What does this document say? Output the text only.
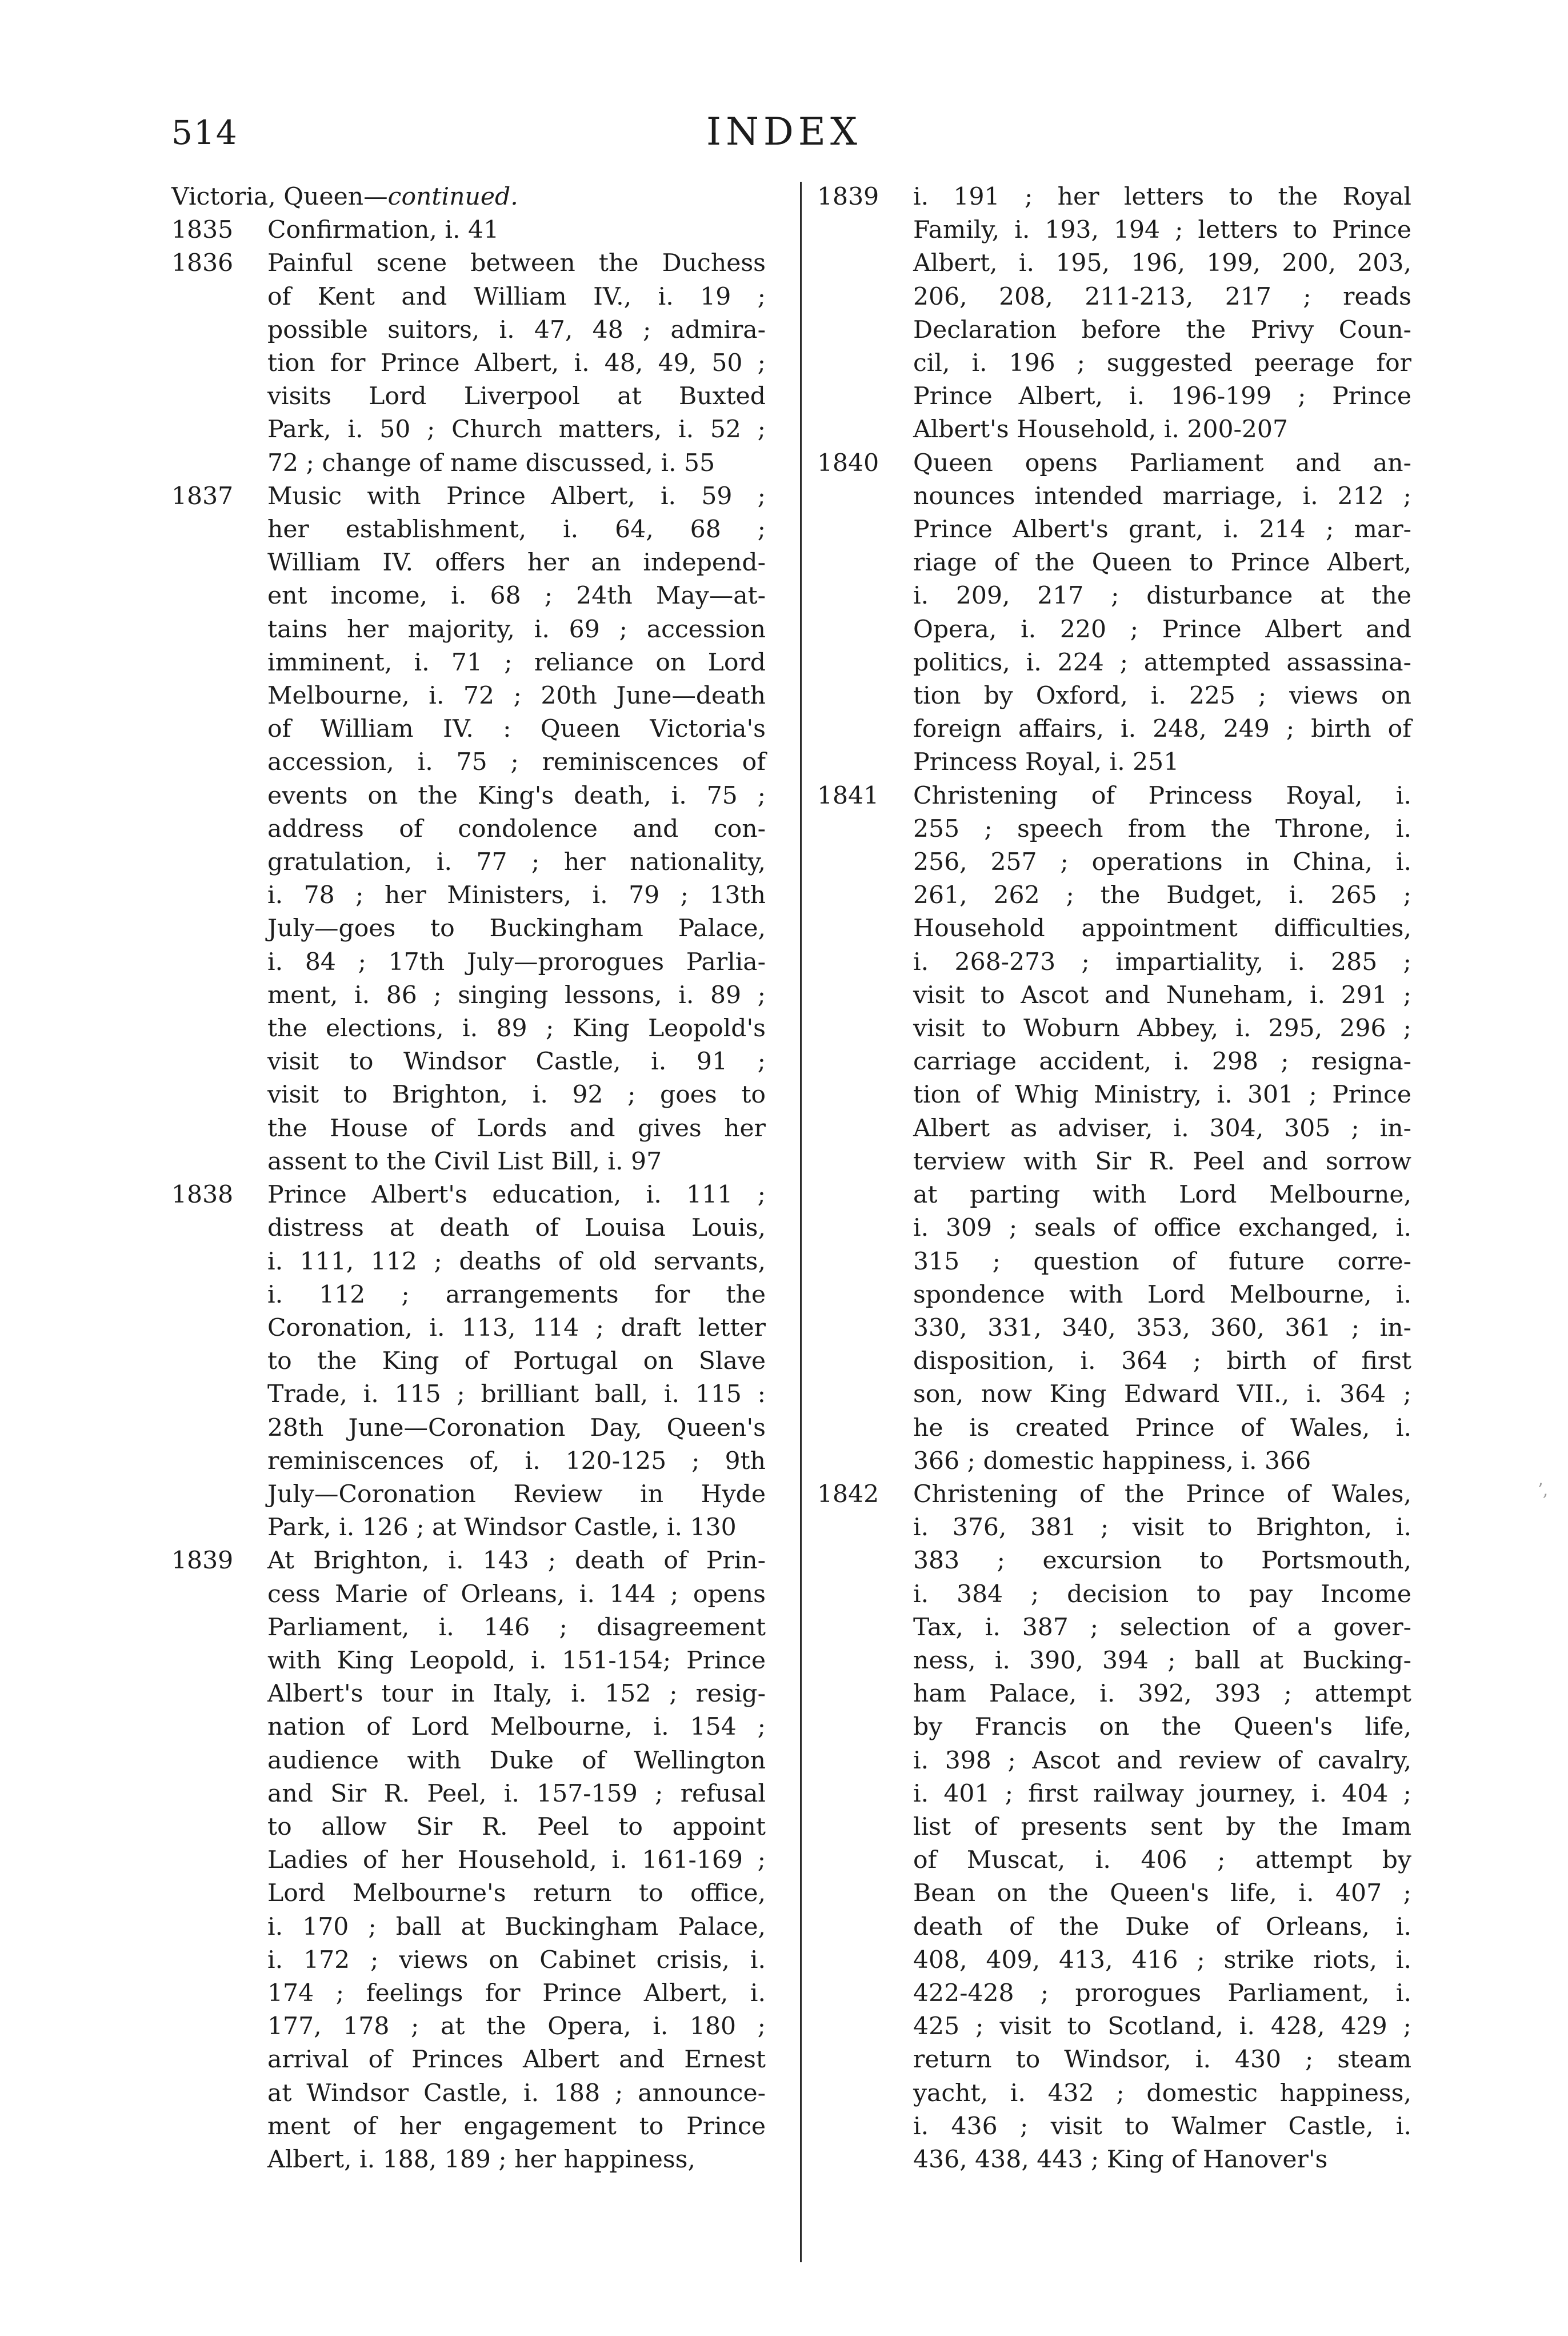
514	INDEX
Victoria, Queen—continued.
1835	Confirmation, i. 41
1836	Painful scene between the Duchess
of Kent and William IV., i. 19 ;
possible suitors, i. 47, 48 ; admira-
tion for Prince Albert, i. 48, 49, 50 ;
visits Lord Liverpool at Buxted
Park, i. 50 ; Church matters, i. 52 ;
72 ; change of name discussed, i. 55
1837	Music with Prince Albert, i. 59 ;
her establishment, i. 64, 68 ;
William IV. offers her an independ-
ent income, i. 68 ; 24th May—at-
tains her majority, i. 69 ; accession
imminent, i. 71 ; reliance on Lord
Melbourne, i. 72 ; 20th June—death
of William IV. : Queen Victoria's
accession, i. 75 ; reminiscences of
events on the King's death, i. 75 ;
address of condolence and con-
gratulation, i. 77 ; her nationality,
i. 78 ; her Ministers, i. 79 ; 13th
July—goes to Buckingham Palace,
i. 84 ; 17th July—prorogues Parlia-
ment, i. 86 ; singing lessons, i. 89 ;
the elections, i. 89 ; King Leopold's
visit to Windsor Castle, i. 91 ;
visit to Brighton, i. 92 ; goes to
the House of Lords and gives her
assent to the Civil List Bill, i. 97
1838	Prince Albert's education, i. 111 ;
distress at death of Louisa Louis,
i. 111, 112 ; deaths of old servants,
i. 112 ; arrangements for the
Coronation, i. 113, 114 ; draft letter
to the King of Portugal on Slave
Trade, i. 115 ; brilliant ball, i. 115 :
28th June—Coronation Day, Queen's
reminiscences of, i. 120-125 ; 9th
July—Coronation Review in Hyde
Park, i. 126 ; at Windsor Castle, i. 130
1839	At Brighton, i. 143 ; death of Prin-
cess Marie of Orleans, i. 144 ; opens
Parliament, i. 146 ; disagreement
with King Leopold, i. 151-154; Prince
Albert's tour in Italy, i. 152 ; resig-
nation of Lord Melbourne, i. 154 ;
audience with Duke of Wellington
and Sir R. Peel, i. 157-159 ; refusal
to allow Sir R. Peel to appoint
Ladies of her Household, i. 161-169 ;
Lord Melbourne's return to office,
i. 170 ; ball at Buckingham Palace,
i. 172 ; views on Cabinet crisis, i.
174 ; feelings for Prince Albert, i.
177, 178 ; at the Opera, i. 180 ;
arrival of Princes Albert and Ernest
at Windsor Castle, i. 188 ; announce-
ment of her engagement to Prince
Albert, i. 188, 189 ; her happiness,
1839	i. 191 ; her letters to the Royal
Family, i. 193, 194 ; letters to Prince
Albert, i. 195, 196, 199, 200, 203,
206, 208, 211-213, 217 ; reads
Declaration before the Privy Coun-
cil, i. 196 ; suggested peerage for
Prince Albert, i. 196-199 ; Prince
Albert's Household, i. 200-207
1840	Queen opens Parliament and an-
nounces intended marriage, i. 212 ;
Prince Albert's grant, i. 214 ; mar-
riage of the Queen to Prince Albert,
i. 209, 217 ; disturbance at the
Opera, i. 220 ; Prince Albert and
politics, i. 224 ; attempted assassina-
tion by Oxford, i. 225 ; views on
foreign affairs, i. 248, 249 ; birth of
Princess Royal, i. 251
1841	Christening of Princess Royal, i.
255 ; speech from the Throne, i.
256, 257 ; operations in China, i.
261, 262 ; the Budget, i. 265 ;
Household appointment difficulties,
i. 268-273 ; impartiality, i. 285 ;
visit to Ascot and Nuneham, i. 291 ;
visit to Woburn Abbey, i. 295, 296 ;
carriage accident, i. 298 ; resigna-
tion of Whig Ministry, i. 301 ; Prince
Albert as adviser, i. 304, 305 ; in-
terview with Sir R. Peel and sorrow
at parting with Lord Melbourne,
i. 309 ; seals of office exchanged, i.
315 ; question of future corre-
spondence with Lord Melbourne, i.
330, 331, 340, 353, 360, 361 ; in-
disposition, i. 364 ; birth of first
son, now King Edward VII., i. 364 ;
he is created Prince of Wales, i.
366 ; domestic happiness, i. 366
1842	Christening of the Prince of Wales,
i. 376, 381 ; visit to Brighton, i.
383 ; excursion to Portsmouth,
i. 384 ; decision to pay Income
Tax, i. 387 ; selection of a gover-
ness, i. 390, 394 ; ball at Bucking-
ham Palace, i. 392, 393 ; attempt
by Francis on the Queen's life,
i. 398 ; Ascot and review of cavalry,
i. 401 ; first railway journey, i. 404 ;
list of presents sent by the Imam
of Muscat, i. 406 ; attempt by
Bean on the Queen's life, i. 407 ;
death of the Duke of Orleans, i.
408, 409, 413, 416 ; strike riots, i.
422-428 ; prorogues Parliament, i.
425 ; visit to Scotland, i. 428, 429 ;
return to Windsor, i. 430 ; steam
yacht, i. 432 ; domestic happiness,
i. 436 ; visit to Walmer Castle, i.
436, 438, 443 ; King of Hanover's
ʼ‚
